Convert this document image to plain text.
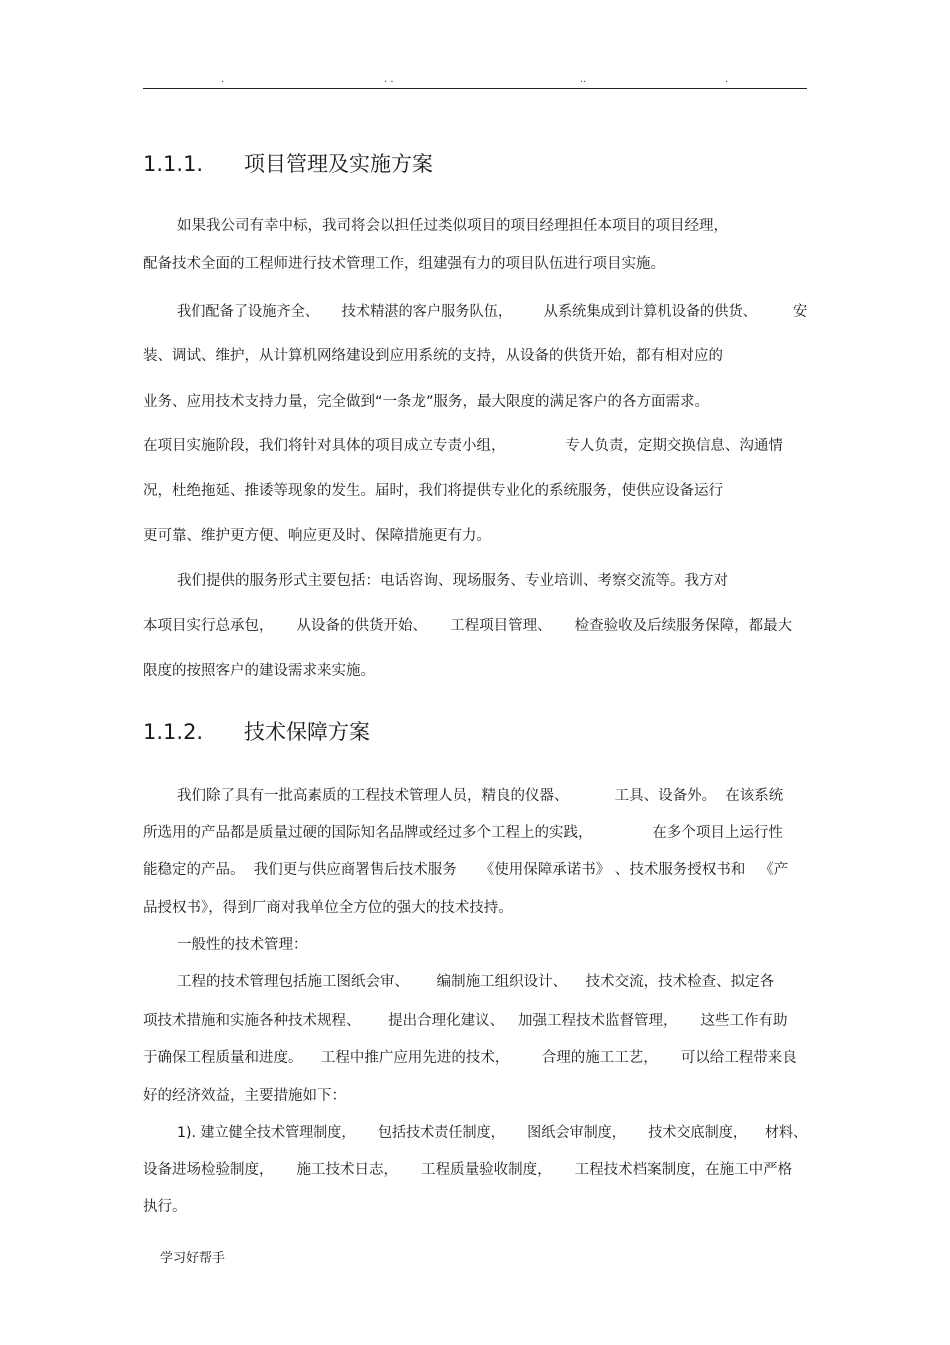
.	. .	..	.
1.1.1. 项目管理及实施方案
如果我公司有幸中标，我司将会以担任过类似项目的项目经理担任本项目的项目经理，
配备技术全面的工程师进行技术管理工作，组建强有力的项目队伍进行项目实施。
我们配备了设施齐全、     技术精湛的客户服务队伍，       从系统集成到计算机设备的供货、        安
装、调试、维护，从计算机网络建设到应用系统的支持，从设备的供货开始，都有相对应的
业务、应用技术支持力量，完全做到“一条龙”服务，最大限度的满足客户的各方面需求。
在项目实施阶段，我们将针对具体的项目成立专责小组，             专人负责，定期交换信息、沟通情
况，杜绝拖延、推诿等现象的发生。届时，我们将提供专业化的系统服务，使供应设备运行
更可靠、维护更方便、响应更及时、保障措施更有力。
我们提供的服务形式主要包括：电话咨询、现场服务、专业培训、考察交流等。我方对
本项目实行总承包，     从设备的供货开始、     工程项目管理、     检查验收及后续服务保障，都最大
限度的按照客户的建设需求来实施。
1.1.2. 技术保障方案
我们除了具有一批高素质的工程技术管理人员，精良的仪器、          工具、设备外。  在该系统
所选用的产品都是质量过硬的国际知名品牌或经过多个工程上的实践，             在多个项目上运行性
能稳定的产品。  我们更与供应商署售后技术服务     《使用保障承诺书》 、技术服务授权书和   《产
品授权书》，得到厂商对我单位全方位的强大的技术技持。
一般性的技术管理：
工程的技术管理包括施工图纸会审、      编制施工组织设计、    技术交流，技术检查、拟定各
项技术措施和实施各种技术规程、      提出合理化建议、   加强工程技术监督管理，     这些工作有助
于确保工程质量和进度。    工程中推广应用先进的技术，       合理的施工工艺，     可以给工程带来良
好的经济效益，主要措施如下：
1). 建立健全技术管理制度，     包括技术责任制度，     图纸会审制度，     技术交底制度，    材料、
设备进场检验制度，     施工技术日志，     工程质量验收制度，     工程技术档案制度，在施工中严格
执行。
学习好帮手
